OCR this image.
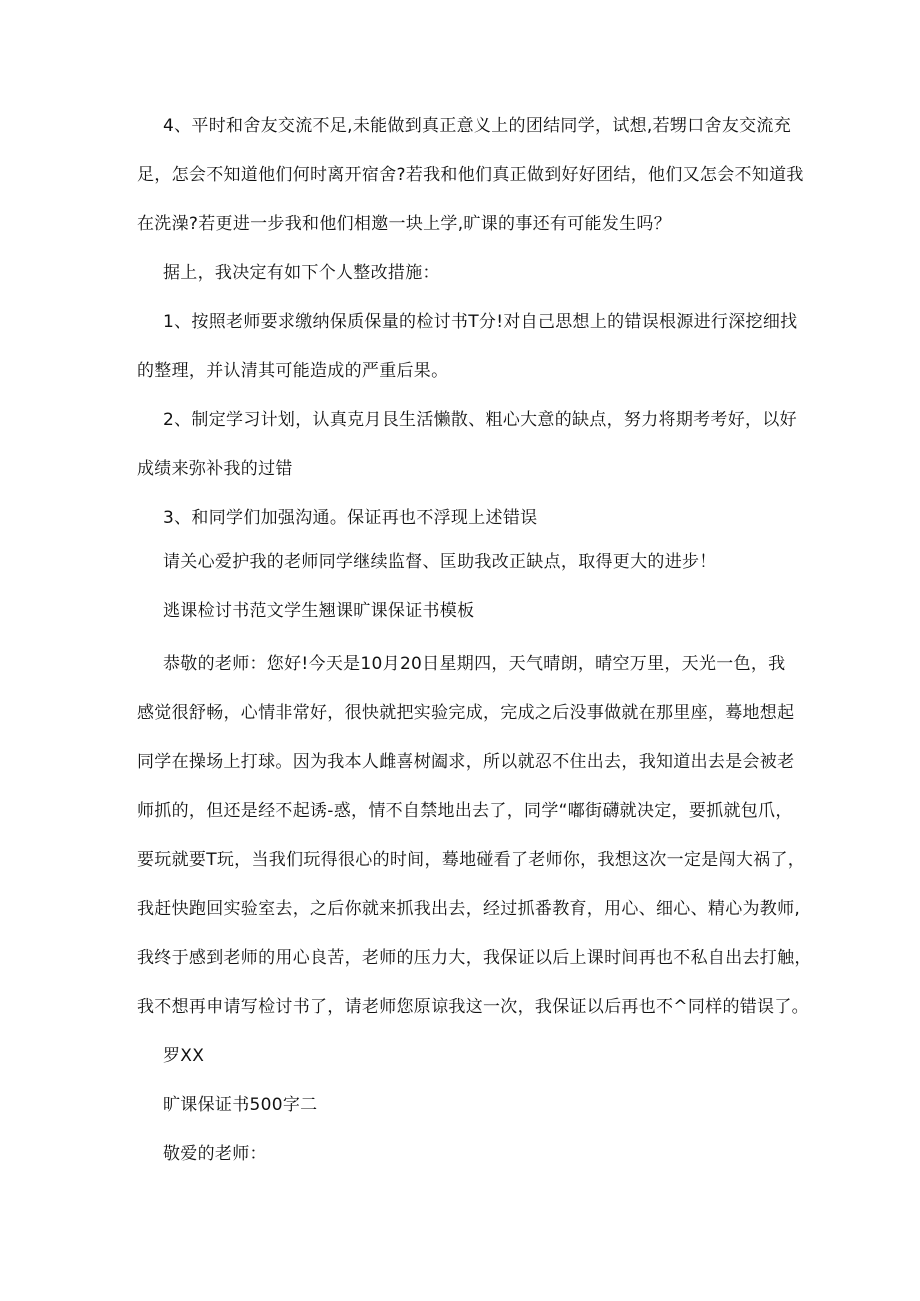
4、平时和舍友交流不足,未能做到真正意义上的团结同学，试想,若甥口舍友交流充
足，怎会不知道他们何时离开宿舍?若我和他们真正做到好好团结，他们又怎会不知道我
在洗澡?若更进一步我和他们相邀一块上学,旷课的事还有可能发生吗？
据上，我决定有如下个人整改措施：
1、按照老师要求缴纳保质保量的检讨书T分!对自己思想上的错误根源进行深挖细找
的整理，并认清其可能造成的严重后果。
2、制定学习计划，认真克月艮生活懒散、粗心大意的缺点，努力将期考考好，以好
成绩来弥补我的过错
3、和同学们加强沟通。保证再也不浮现上述错误
请关心爱护我的老师同学继续监督、匡助我改正缺点，取得更大的进步！
逃课检讨书范文学生翘课旷课保证书模板
恭敬的老师：您好!今天是10月20日星期四，天气晴朗，晴空万里，天光一色，我
感觉很舒畅，心情非常好，很快就把实验完成，完成之后没事做就在那里座，蓦地想起
同学在操场上打球。因为我本人雌喜树阖求，所以就忍不住出去，我知道出去是会被老
师抓的，但还是经不起诱-惑，情不自禁地出去了，同学“嘟街礴就决定，要抓就包爪，
要玩就要T玩，当我们玩得很心的时间，蓦地碰看了老师你，我想这次一定是闯大祸了，
我赶快跑回实验室去，之后你就来抓我出去，经过抓番教育，用心、细心、精心为教师,
我终于感到老师的用心良苦，老师的压力大，我保证以后上课时间再也不私自出去打触，
我不想再申请写检讨书了，请老师您原谅我这一次，我保证以后再也不^同样的错误了。
罗XX
旷课保证书500字二
敬爱的老师：
